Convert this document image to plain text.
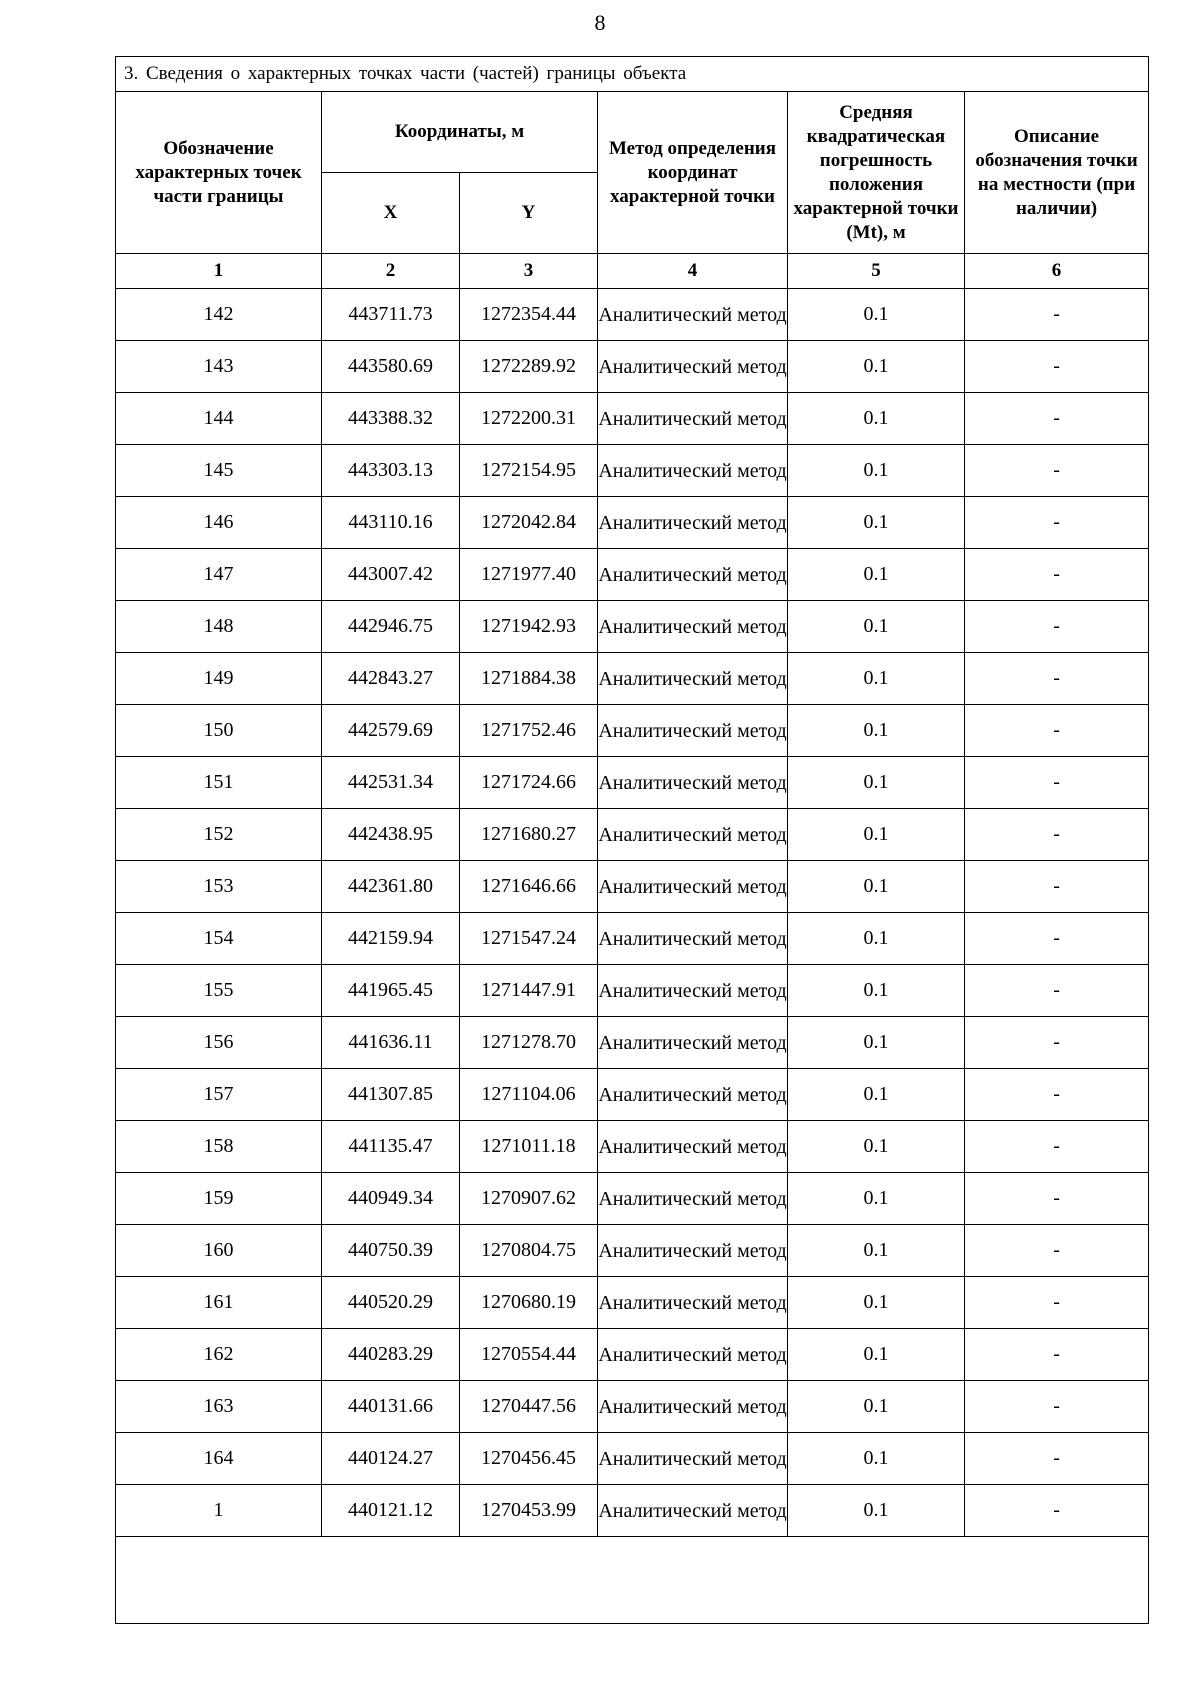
8
3. Сведения о характерных точках части (частей) границы объекта					
Обозначение характерных точек части границы	Координаты, м		Метод определения координат характерной точки	Средняя квадратическая погрешность положения характерной точки (Mt), м	Описание обозначения точки на местности (при наличии)
	X	Y			
1	2	3	4	5	6
142	443711.73	1272354.44	Аналитический метод	0.1	-
143	443580.69	1272289.92	Аналитический метод	0.1	-
144	443388.32	1272200.31	Аналитический метод	0.1	-
145	443303.13	1272154.95	Аналитический метод	0.1	-
146	443110.16	1272042.84	Аналитический метод	0.1	-
147	443007.42	1271977.40	Аналитический метод	0.1	-
148	442946.75	1271942.93	Аналитический метод	0.1	-
149	442843.27	1271884.38	Аналитический метод	0.1	-
150	442579.69	1271752.46	Аналитический метод	0.1	-
151	442531.34	1271724.66	Аналитический метод	0.1	-
152	442438.95	1271680.27	Аналитический метод	0.1	-
153	442361.80	1271646.66	Аналитический метод	0.1	-
154	442159.94	1271547.24	Аналитический метод	0.1	-
155	441965.45	1271447.91	Аналитический метод	0.1	-
156	441636.11	1271278.70	Аналитический метод	0.1	-
157	441307.85	1271104.06	Аналитический метод	0.1	-
158	441135.47	1271011.18	Аналитический метод	0.1	-
159	440949.34	1270907.62	Аналитический метод	0.1	-
160	440750.39	1270804.75	Аналитический метод	0.1	-
161	440520.29	1270680.19	Аналитический метод	0.1	-
162	440283.29	1270554.44	Аналитический метод	0.1	-
163	440131.66	1270447.56	Аналитический метод	0.1	-
164	440124.27	1270456.45	Аналитический метод	0.1	-
1	440121.12	1270453.99	Аналитический метод	0.1	-
